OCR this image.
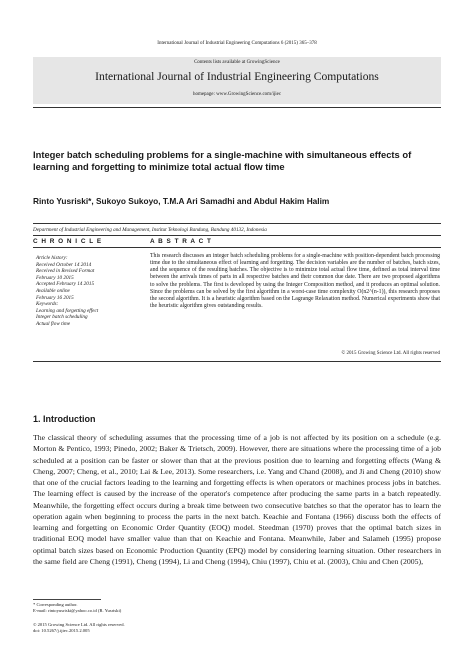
International Journal of Industrial Engineering Computations 6 (2015) 365–378
Contents lists available at GrowingScience
International Journal of Industrial Engineering Computations
homepage: www.GrowingScience.com/ijiec
Integer batch scheduling problems for a single-machine with simultaneous effects of learning and forgetting to minimize total actual flow time
Rinto Yusriski*, Sukoyo Sukoyo, T.M.A Ari Samadhi and Abdul Hakim Halim
Department of Industrial Engineering and Management, Institut Teknologi Bandung, Bandung 40132, Indonesia
C H R O N I C L E	A B S T R A C T
Article history:
Received October 14 2014
Received in Revised Format
February 10 2015
Accepted February 14 2015
Available online
February 16 2015
Keywords:
Learning and forgetting effect
Integer batch scheduling
Actual flow time
This research discusses an integer batch scheduling problems for a single-machine with position-dependent batch processing time due to the simultaneous effect of learning and forgetting. The decision variables are the number of batches, batch sizes, and the sequence of the resulting batches. The objective is to minimize total actual flow time, defined as total interval time between the arrivals times of parts in all respective batches and their common due date. There are two proposed algorithms to solve the problems. The first is developed by using the Integer Composition method, and it produces an optimal solution. Since the problems can be solved by the first algorithm in a worst-case time complexity O(n2^(n-1)), this research proposes the second algorithm. It is a heuristic algorithm based on the Lagrange Relaxation method. Numerical experiments show that the heuristic algorithm gives outstanding results.
© 2015 Growing Science Ltd. All rights reserved
1. Introduction
The classical theory of scheduling assumes that the processing time of a job is not affected by its position on a schedule (e.g. Morton & Pentico, 1993; Pinedo, 2002; Baker & Trietsch, 2009). However, there are situations where the processing time of a job scheduled at a position can be faster or slower than that at the previous position due to learning and forgetting effects (Wang & Cheng, 2007; Cheng, et al., 2010; Lai & Lee, 2013). Some researchers, i.e. Yang and Chand (2008), and Ji and Cheng (2010) show that one of the crucial factors leading to the learning and forgetting effects is when operators or machines process jobs in batches. The learning effect is caused by the increase of the operator's competence after producing the same parts in a batch repeatedly. Meanwhile, the forgetting effect occurs during a break time between two consecutive batches so that the operator has to learn the operation again when beginning to process the parts in the next batch. Keachie and Fontana (1966) discuss both the effects of learning and forgetting on Economic Order Quantity (EOQ) model. Steedman (1970) proves that the optimal batch sizes in traditional EOQ model have smaller value than that on Keachie and Fontana. Meanwhile, Jaber and Salameh (1995) propose optimal batch sizes based on Economic Production Quantity (EPQ) model by considering learning situation. Other researchers in the same field are Cheng (1991), Cheng (1994), Li and Cheng (1994), Chiu (1997), Chiu et al. (2003), Chiu and Chen (2005),
* Corresponding author.
E-mail: rintoyusriski@yahoo.co.id (R. Yusriski)
© 2015 Growing Science Ltd. All rights reserved.
doi: 10.5267/j.ijiec.2015.2.005
